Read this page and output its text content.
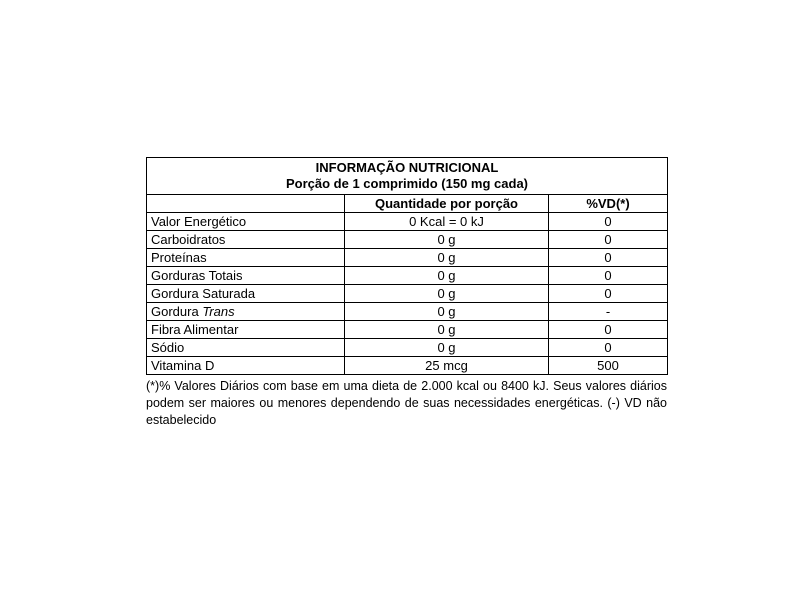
INFORMAÇÃO NUTRICIONAL
Porção de 1 comprimido (150 mg cada)		

	Quantidade por porção	%VD(*)
Valor Energético	0 Kcal = 0 kJ	0
Carboidratos	0 g	0
Proteínas	0 g	0
Gorduras Totais	0 g	0
Gordura Saturada	0 g	0
Gordura Trans	0 g	-
Fibra Alimentar	0 g	0
Sódio	0 g	0
Vitamina D	25 mcg	500

(*)% Valores Diários com base em uma dieta de 2.000 kcal ou 8400 kJ. Seus valores diários podem ser maiores ou menores dependendo de suas necessidades energéticas. (-) VD não estabelecido
